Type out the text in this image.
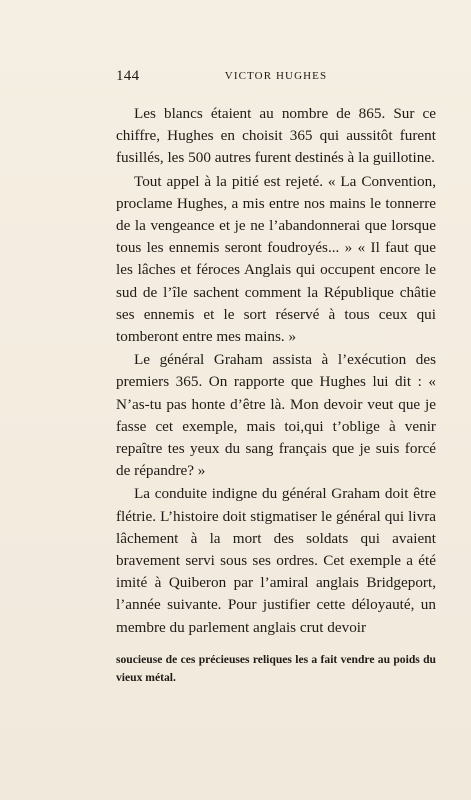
144	VICTOR HUGHES

Les blancs étaient au nombre de 865. Sur ce chiffre, Hughes en choisit 365 qui aussitôt furent fusillés, les 500 autres furent destinés à la guillotine.

Tout appel à la pitié est rejeté. « La Convention, proclame Hughes, a mis entre nos mains le tonnerre de la vengeance et je ne l’abandonnerai que lorsque tous les ennemis seront foudroyés... » « Il faut que les lâches et féroces Anglais qui occupent encore le sud de l’île sachent comment la République châtie ses ennemis et le sort réservé à tous ceux qui tomberont entre mes mains. »

Le général Graham assista à l’exécution des premiers 365. On rapporte que Hughes lui dit : « N’as-tu pas honte d’être là. Mon devoir veut que je fasse cet exemple, mais toi,qui t’oblige à venir repaître tes yeux du sang français que je suis forcé de répandre? »

La conduite indigne du général Graham doit être flétrie. L’histoire doit stigmatiser le général qui livra lâchement à la mort des soldats qui avaient bravement servi sous ses ordres. Cet exemple a été imité à Quiberon par l’amiral anglais Bridgeport, l’année suivante. Pour justifier cette déloyauté, un membre du parlement anglais crut devoir

soucieuse de ces précieuses reliques les a fait vendre au poids du vieux métal.
